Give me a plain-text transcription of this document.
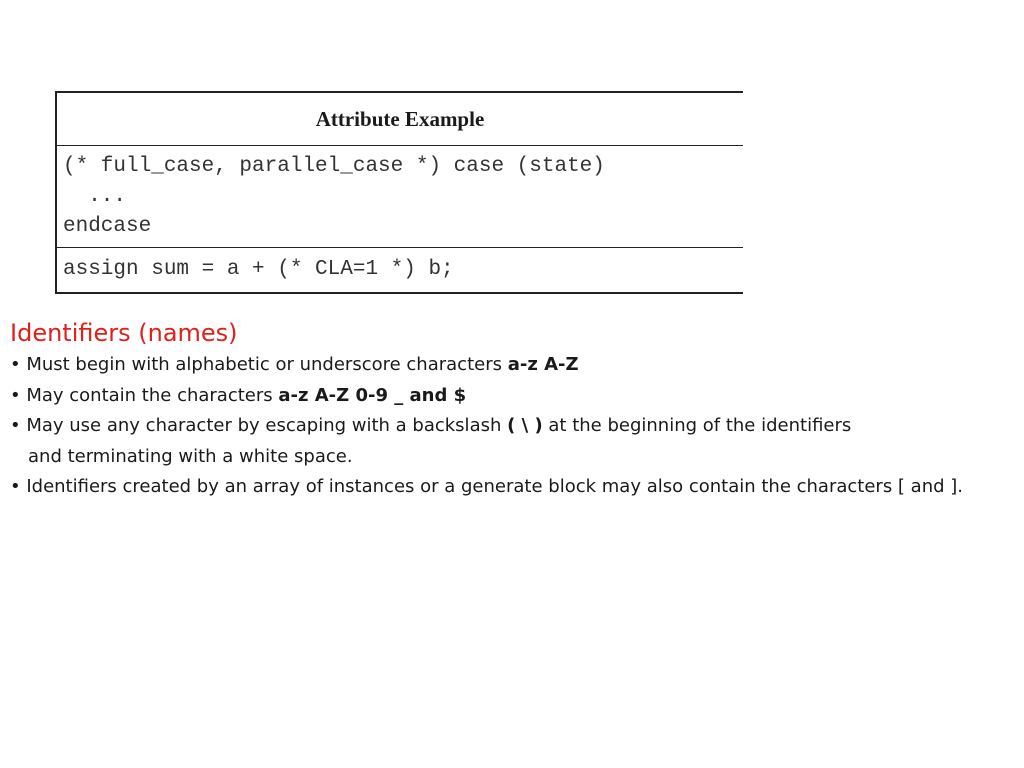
Attribute Example

(* full_case, parallel_case *) case (state)
...
endcase

assign sum = a + (* CLA=1 *) b;
Identifiers (names)

• Must begin with alphabetic or underscore characters a-z A-Z

• May contain the characters a-z A-Z 0-9 _ and $

• May use any character by escaping with a backslash ( \ ) at the beginning of the identifiers

and terminating with a white space.

• Identifiers created by an array of instances or a generate block may also contain the characters [ and ].
